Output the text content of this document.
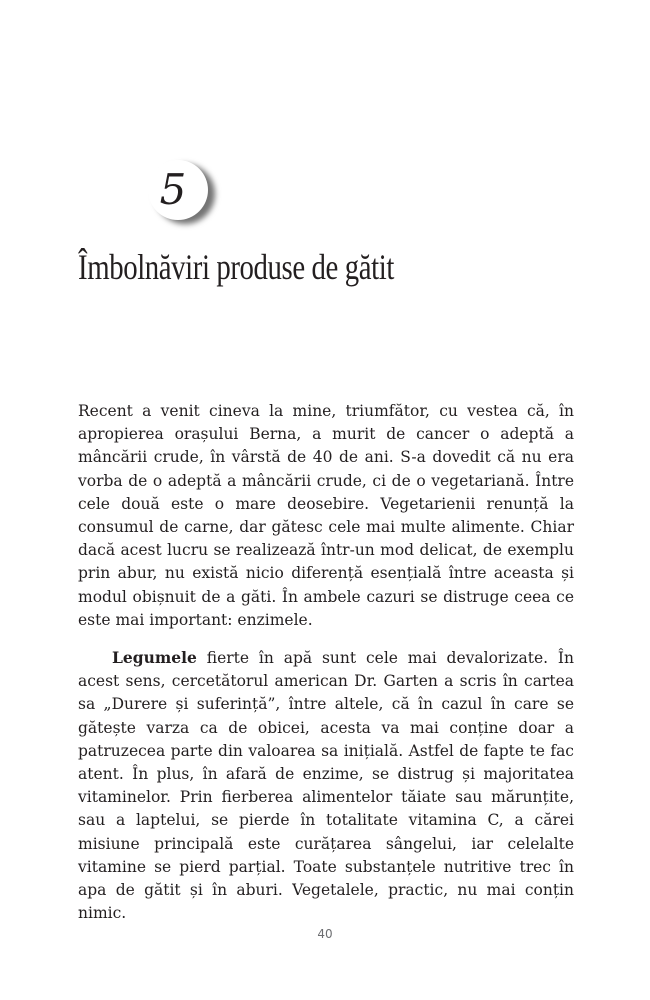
5
Îmbolnăviri produse de gătit

Recent a venit cineva la mine, triumfător, cu vestea că, în apropierea orașului Berna, a murit de cancer o adeptă a mâncării crude, în vârstă de 40 de ani. S-a dovedit că nu era vorba de o adeptă a mâncării crude, ci de o vegetariană. Între cele două este o mare deosebire. Vegetarienii renunță la consumul de carne, dar gătesc cele mai multe alimente. Chiar dacă acest lucru se realizează într-un mod delicat, de exemplu prin abur, nu există nicio diferență esențială între aceasta și modul obișnuit de a găti. În ambele cazuri se distruge ceea ce este mai important: enzimele.

Legumele fierte în apă sunt cele mai devalorizate. În acest sens, cercetătorul american Dr. Garten a scris în cartea sa „Durere și suferință”, între altele, că în cazul în care se gătește varza ca de obicei, acesta va mai conține doar a patruzecea parte din valoarea sa inițială. Astfel de fapte te fac atent. În plus, în afară de enzime, se distrug și majoritatea vitaminelor. Prin fierberea alimentelor tăiate sau mărunțite, sau a laptelui, se pierde în totalitate vitamina C, a cărei misiune principală este curățarea sângelui, iar celelalte vitamine se pierd parțial. Toate substanțele nutritive trec în apa de gătit și în aburi. Vegetalele, practic, nu mai conțin nimic.

40
